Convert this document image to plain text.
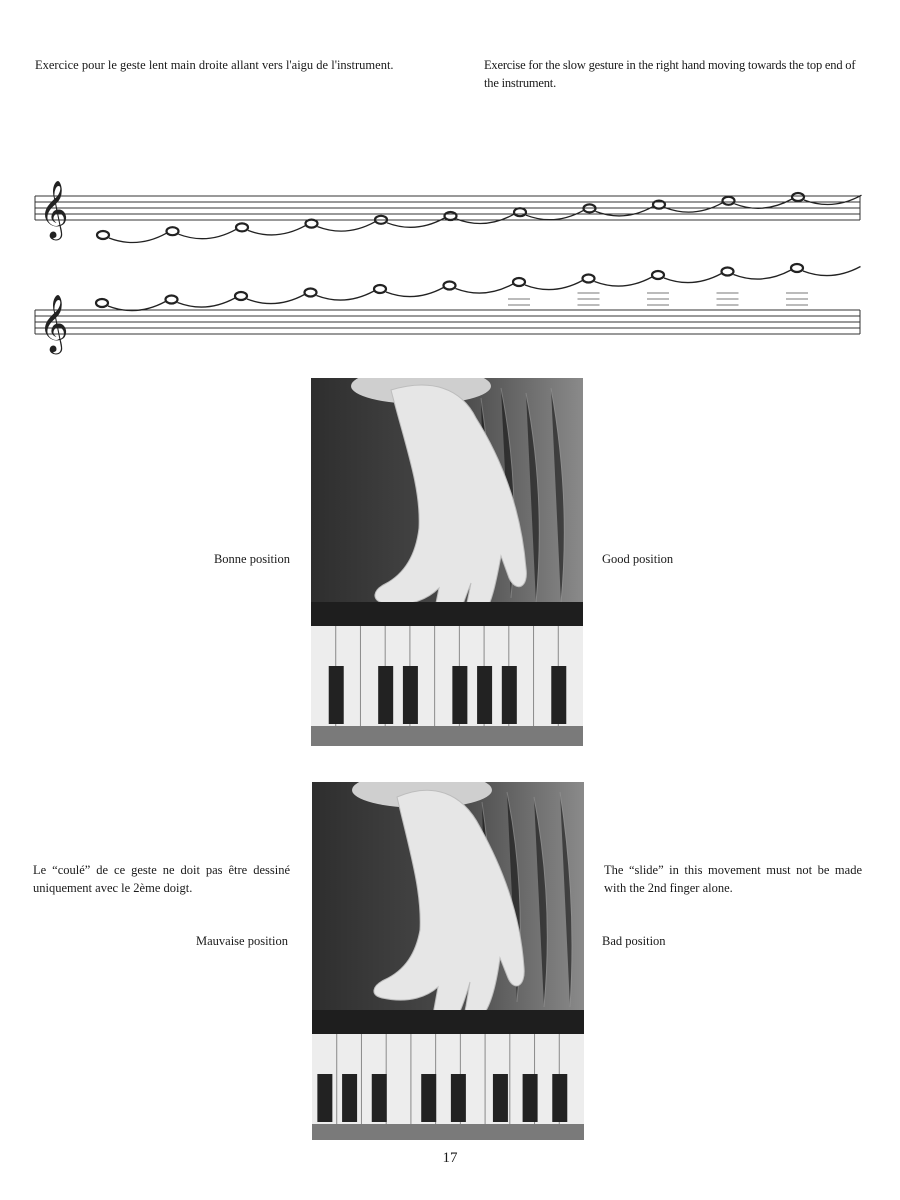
Exercice pour le geste lent main droite allant vers l'aigu de l'instrument.	Exercise for the slow gesture in the right hand moving towards the top end of the instrument.
𝄞
𝄞
Bonne position	Good position
Le “coulé” de ce geste ne doit pas être dessiné uniquement avec le 2ème doigt.
Mauvaise position
The “slide” in this movement must not be made with the 2nd finger alone.
Bad position
17
